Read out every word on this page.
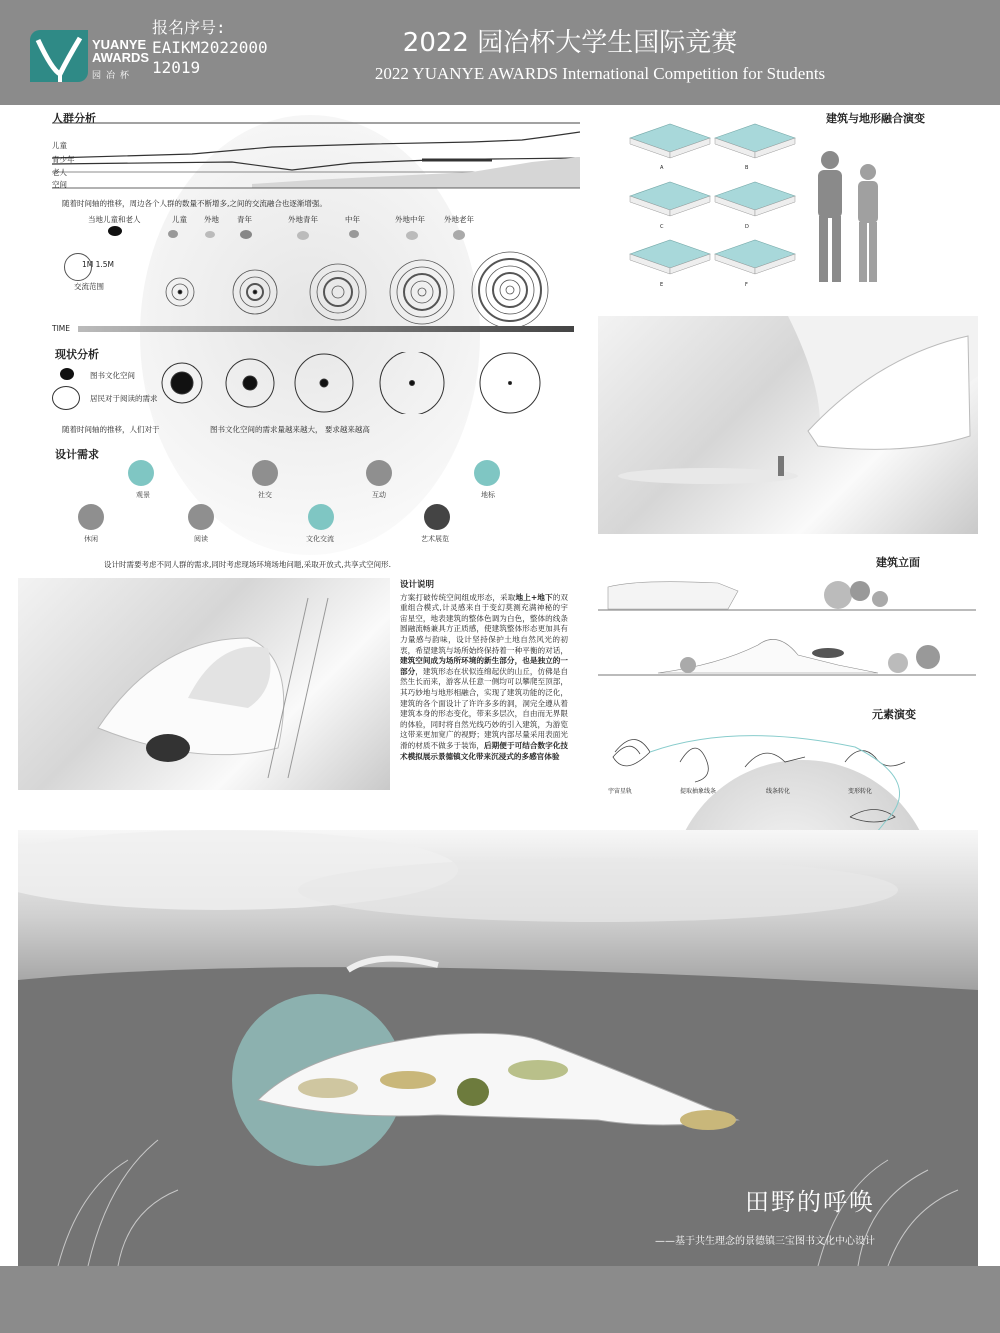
YUANYE
AWARDS
园冶杯
报名序号:
EAIKM2022000
12019
2022 园冶杯大学生国际竞赛
2022 YUANYE AWARDS International Competition for Students
人群分析
儿童
青少年
老人
空间
随着时间轴的推移，周边各个人群的数量不断增多,之间的交流融合也逐渐增强。
当地儿童和老人	儿童 外地 青年	外地青年	中年	外地中年	外地老年
1M 1.5M
交流范围
TIME
现状分析
图书文化空间
居民对于阅读的需求
随着时间轴的推移，人们对于	图书文化空间的需求量越来越大， 要求越来越高
设计需求
观景	社交	互动	地标
休闲	阅读	文化交流	艺术展览
设计时需要考虑不同人群的需求,同时考虑现场环境场地问题,采取开放式,共享式空间形.
建筑与地形融合演变
A	B
C	D
E	F
建筑立面
元素演变
宇宙星轨	提取抽象线条	线条转化	变形转化
设计说明
方案打破传统空间组成形态，采取地上+地下的双重组合模式,计灵感来自于变幻莫测充满神秘的宇宙星空，地表建筑的整体色调为白色，整体的线条圆融流畅兼具方正质感，使建筑整体形态更加具有力量感与韵味，设计坚持保护土地自然风光的初衷，希望建筑与场所始终保持着一种平衡的对话，建筑空间成为场所环境的新生部分，也是独立的一部分，建筑形态在状似连绵起伏的山丘，仿佛是自然生长而来，游客从任意一侧均可以攀爬至顶部，其巧妙地与地形相融合，实现了建筑功能的泛化，建筑的各个面设计了许许多多的洞，洞完全遵从着建筑本身的形态变化，带来多层次，自由而无界限的体验，同时将自然光线巧妙的引入建筑，为游览这带来更加宽广的视野；建筑内部尽量采用表面光滑的材质不做多于装饰，后期便于可结合数字化技术模拟展示景德镇文化带来沉浸式的多感官体验
田野的呼唤
——基于共生理念的景德镇三宝图书文化中心设计
